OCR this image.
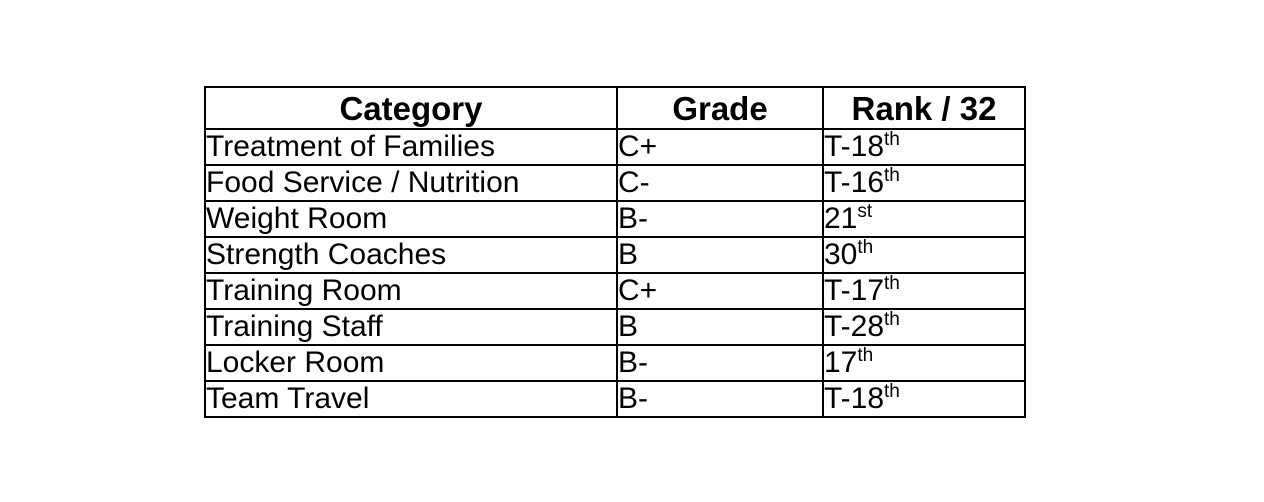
Category	Grade	Rank / 32
Treatment of Families	C+	T-18th
Food Service / Nutrition	C-	T-16th
Weight Room	B-	21st
Strength Coaches	B	30th
Training Room	C+	T-17th
Training Staff	B	T-28th
Locker Room	B-	17th
Team Travel	B-	T-18th
